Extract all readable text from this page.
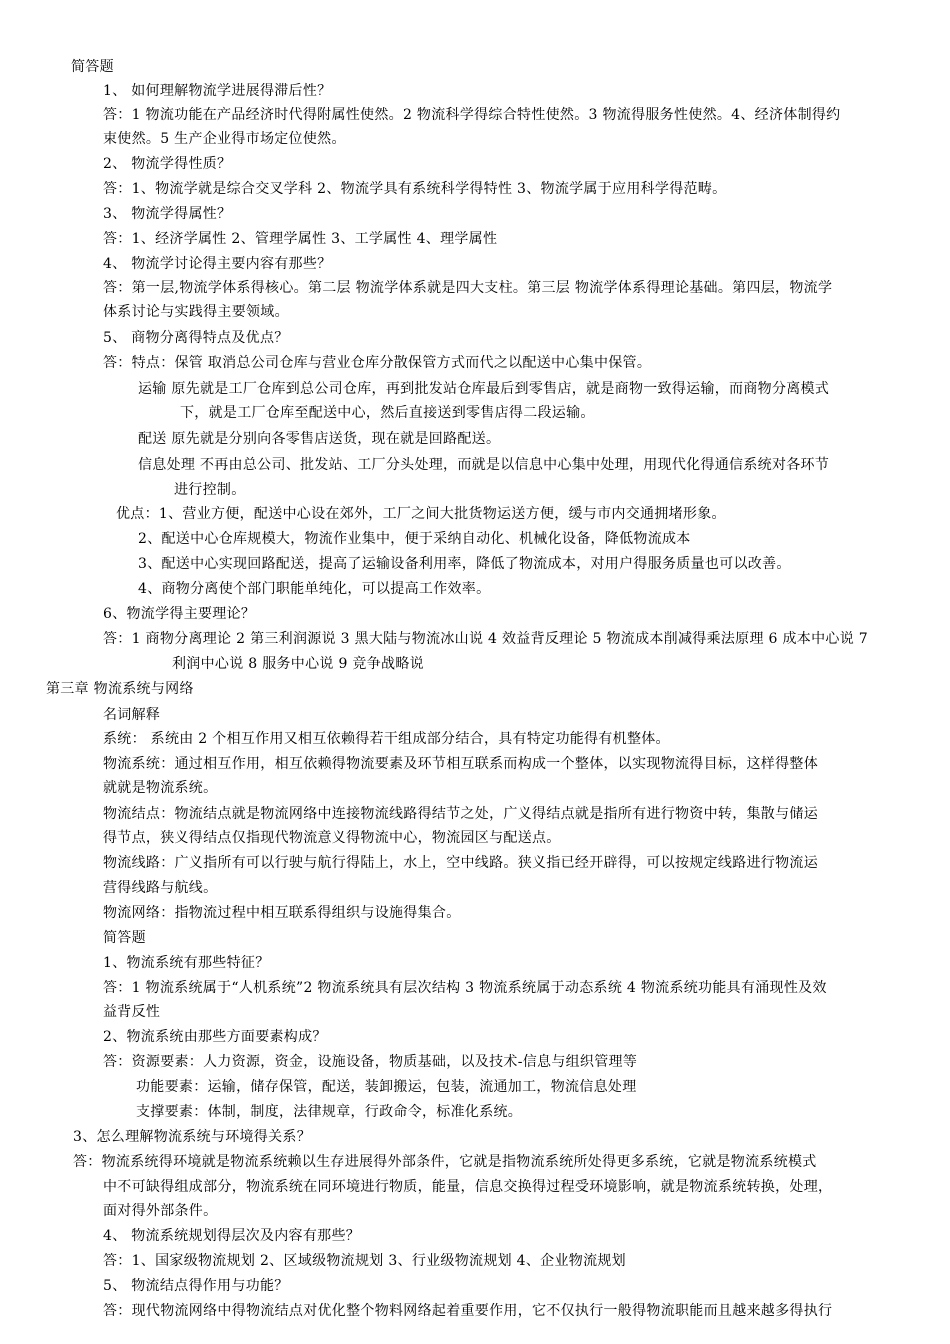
简答题
1、 如何理解物流学进展得滞后性？
答：1 物流功能在产品经济时代得附属性使然。2 物流科学得综合特性使然。3 物流得服务性使然。4、经济体制得约
束使然。5 生产企业得市场定位使然。
2、 物流学得性质？
答：1、物流学就是综合交叉学科 2、物流学具有系统科学得特性 3、物流学属于应用科学得范畴。
3、 物流学得属性？
答：1、经济学属性 2、管理学属性 3、工学属性 4、理学属性
4、 物流学讨论得主要内容有那些？
答：第一层,物流学体系得核心。第二层 物流学体系就是四大支柱。第三层 物流学体系得理论基础。第四层，物流学
体系讨论与实践得主要领域。
5、 商物分离得特点及优点？
答：特点：保管 取消总公司仓库与营业仓库分散保管方式而代之以配送中心集中保管。
运输 原先就是工厂仓库到总公司仓库，再到批发站仓库最后到零售店，就是商物一致得运输，而商物分离模式
下，就是工厂仓库至配送中心，然后直接送到零售店得二段运输。
配送 原先就是分别向各零售店送货，现在就是回路配送。
信息处理 不再由总公司、批发站、工厂分头处理，而就是以信息中心集中处理，用现代化得通信系统对各环节
进行控制。
优点：1、营业方便，配送中心设在郊外，工厂之间大批货物运送方便，缓与市内交通拥堵形象。
2、配送中心仓库规模大，物流作业集中，便于采纳自动化、机械化设备，降低物流成本
3、配送中心实现回路配送，提高了运输设备利用率，降低了物流成本，对用户得服务质量也可以改善。
4、商物分离使个部门职能单纯化，可以提高工作效率。
6、物流学得主要理论？
答：1 商物分离理论 2 第三利润源说 3 黑大陆与物流冰山说 4 效益背反理论 5 物流成本削减得乘法原理 6 成本中心说 7
利润中心说 8 服务中心说 9 竞争战略说
第三章 物流系统与网络
名词解释
系统： 系统由 2 个相互作用又相互依赖得若干组成部分结合，具有特定功能得有机整体。
物流系统：通过相互作用，相互依赖得物流要素及环节相互联系而构成一个整体，以实现物流得目标，这样得整体
就就是物流系统。
物流结点：物流结点就是物流网络中连接物流线路得结节之处，广义得结点就是指所有进行物资中转，集散与储运
得节点，狭义得结点仅指现代物流意义得物流中心，物流园区与配送点。
物流线路：广义指所有可以行驶与航行得陆上，水上，空中线路。狭义指已经开辟得，可以按规定线路进行物流运
营得线路与航线。
物流网络：指物流过程中相互联系得组织与设施得集合。
简答题
1、物流系统有那些特征？
答：1 物流系统属于“人机系统”2 物流系统具有层次结构 3 物流系统属于动态系统 4 物流系统功能具有涌现性及效
益背反性
2、物流系统由那些方面要素构成？
答：资源要素：人力资源，资金，设施设备，物质基础，以及技术-信息与组织管理等
功能要素：运输，储存保管，配送，装卸搬运，包装，流通加工，物流信息处理
支撑要素：体制，制度，法律规章，行政命令，标准化系统。
3、怎么理解物流系统与环境得关系？
答：物流系统得环境就是物流系统赖以生存进展得外部条件，它就是指物流系统所处得更多系统，它就是物流系统模式
中不可缺得组成部分，物流系统在同环境进行物质，能量，信息交换得过程受环境影响，就是物流系统转换，处理，
面对得外部条件。
4、 物流系统规划得层次及内容有那些？
答：1、国家级物流规划 2、区域级物流规划 3、行业级物流规划 4、企业物流规划
5、 物流结点得作用与功能？
答：现代物流网络中得物流结点对优化整个物料网络起着重要作用，它不仅执行一般得物流职能而且越来越多得执行
